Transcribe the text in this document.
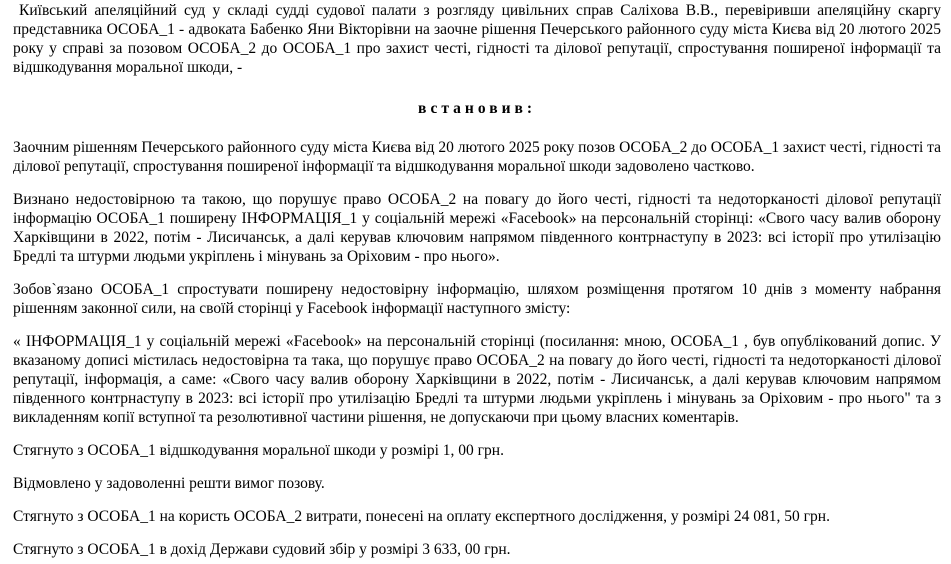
Київський апеляційний суд у складі судді судової палати з розгляду цивільних справ Саліхова В.В., перевіривши апеляційну скаргу представника ОСОБА_1 - адвоката Бабенко Яни Вікторівни на заочне рішення Печерського районного суду міста Києва від 20 лютого 2025 року у справі за позовом ОСОБА_2 до ОСОБА_1 про захист честі, гідності та ділової репутації, спростування поширеної інформації та відшкодування моральної шкоди, -

встановив:

Заочним рішенням Печерського районного суду міста Києва від 20 лютого 2025 року позов ОСОБА_2 до ОСОБА_1 захист честі, гідності та ділової репутації, спростування поширеної інформації та відшкодування моральної шкоди задоволено частково.

Визнано недостовірною та такою, що порушує право ОСОБА_2 на повагу до його честі, гідності та недоторканості ділової репутації інформацію ОСОБА_1 поширену ІНФОРМАЦІЯ_1 у соціальній мережі «Facebook» на персональній сторінці: «Свого часу валив оборону Харківщини в 2022, потім - Лисичанськ, а далі керував ключовим напрямом південного контрнаступу в 2023: всі історії про утилізацію Бредлі та штурми людьми укріплень і мінувань за Оріховим - про нього».

Зобов`язано ОСОБА_1 спростувати поширену недостовірну інформацію, шляхом розміщення протягом 10 днів з моменту набрання рішенням законної сили, на своїй сторінці у Facebook інформації наступного змісту:

« ІНФОРМАЦІЯ_1 у соціальній мережі «Facebook» на персональній сторінці (посилання: мною, ОСОБА_1 , був опублікований допис. У вказаному дописі містилась недостовірна та така, що порушує право ОСОБА_2 на повагу до його честі, гідності та недоторканості ділової репутації, інформація, а саме: «Свого часу валив оборону Харківщини в 2022, потім - Лисичанськ, а далі керував ключовим напрямом південного контрнаступу в 2023: всі історії про утилізацію Бредлі та штурми людьми укріплень і мінувань за Оріховим - про нього" та з викладенням копії вступної та резолютивної частини рішення, не допускаючи при цьому власних коментарів.

Стягнуто з ОСОБА_1 відшкодування моральної шкоди у розмірі 1, 00 грн.

Відмовлено у задоволенні решти вимог позову.

Стягнуто з ОСОБА_1 на користь ОСОБА_2 витрати, понесені на оплату експертного дослідження, у розмірі 24 081, 50 грн.

Стягнуто з ОСОБА_1 в дохід Держави судовий збір у розмірі 3 633, 00 грн.
